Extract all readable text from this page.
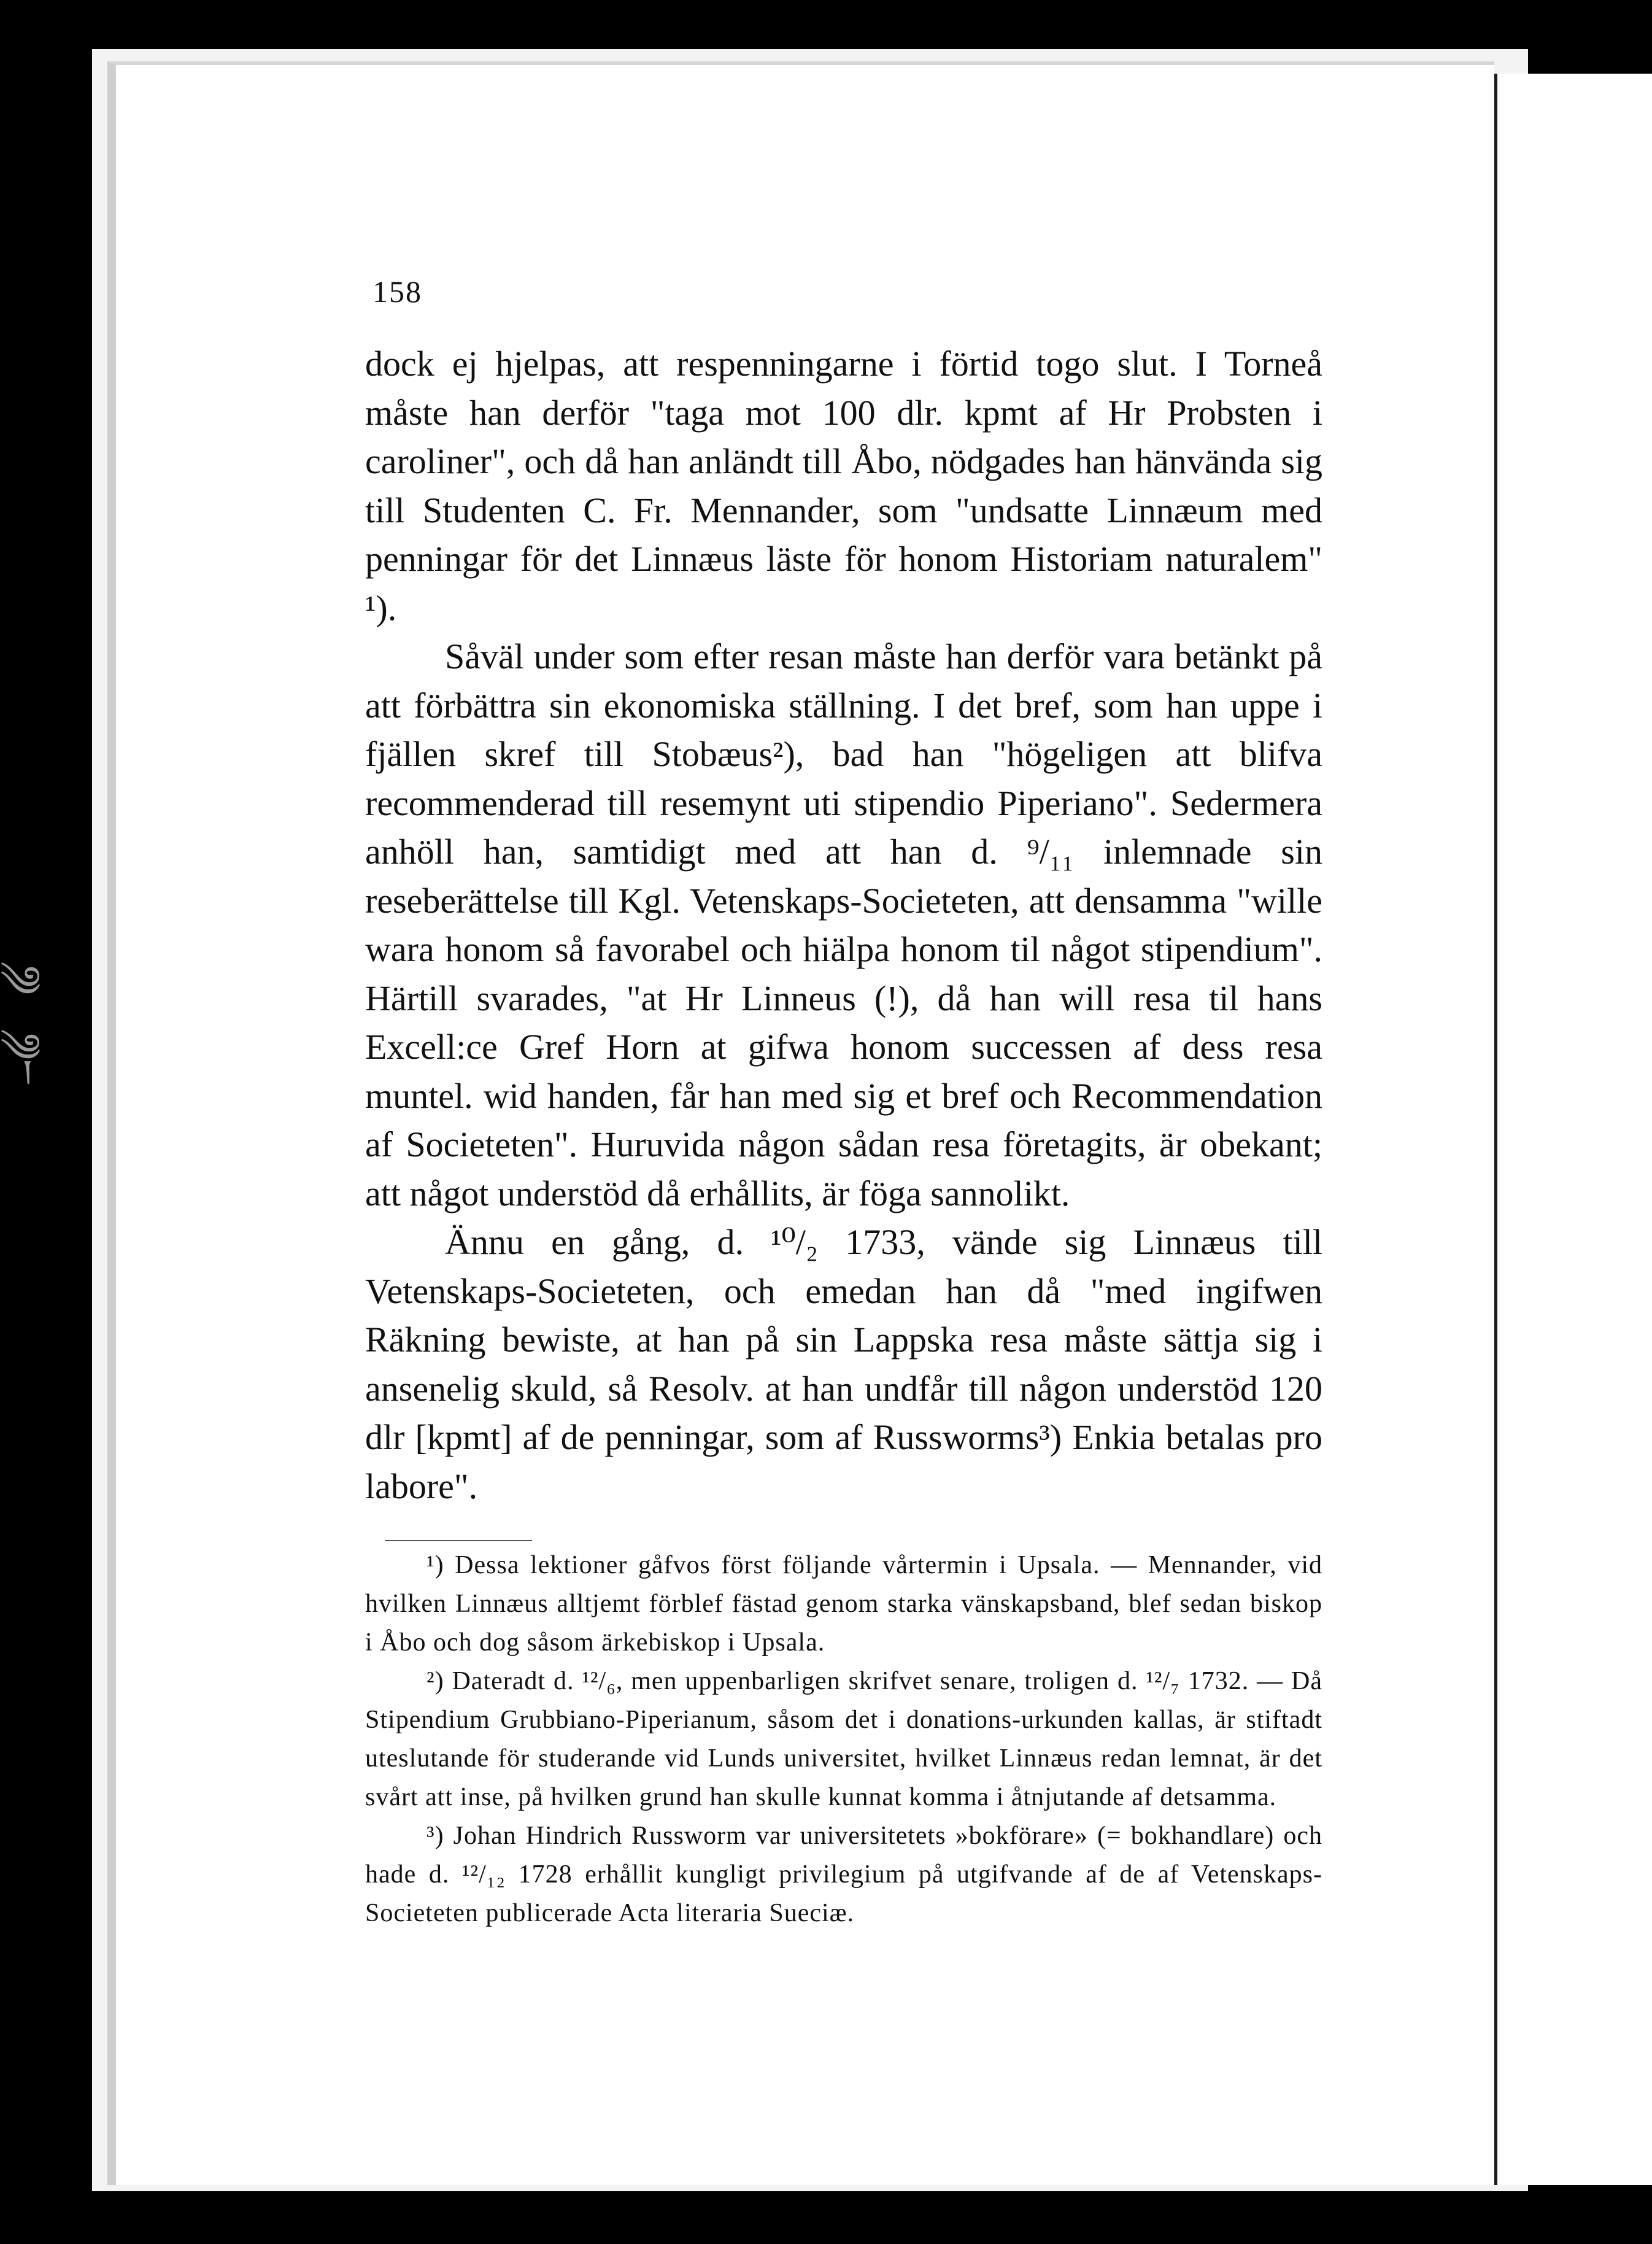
༄ ༆
158

dock ej hjelpas, att respenningarne i förtid togo slut. I Torneå måste han derför "taga mot 100 dlr. kpmt af Hr Probsten i caroliner", och då han anländt till Åbo, nödgades han hänvända sig till Studenten C. Fr. Mennander, som "undsatte Linnæum med penningar för det Linnæus läste för honom Historiam naturalem" ¹).

Såväl under som efter resan måste han derför vara betänkt på att förbättra sin ekonomiska ställning. I det bref, som han uppe i fjällen skref till Stobæus²), bad han "högeligen att blifva recommenderad till resemynt uti stipendio Piperiano". Sedermera anhöll han, samtidigt med att han d. ⁹/₁₁ inlemnade sin reseberättelse till Kgl. Vetenskaps-Societeten, att densamma "wille wara honom så favorabel och hiälpa honom til något stipendium". Härtill svarades, "at Hr Linneus (!), då han will resa til hans Excell:ce Gref Horn at gifwa honom successen af dess resa muntel. wid handen, får han med sig et bref och Recommendation af Societeten". Huruvida någon sådan resa företagits, är obekant; att något understöd då erhållits, är föga sannolikt.

Ännu en gång, d. ¹⁰/₂ 1733, vände sig Linnæus till Vetenskaps-Societeten, och emedan han då "med ingifwen Räkning bewiste, at han på sin Lappska resa måste sättja sig i ansenelig skuld, så Resolv. at han undfår till någon understöd 120 dlr [kpmt] af de penningar, som af Russworms³) Enkia betalas pro labore".

¹) Dessa lektioner gåfvos först följande vårtermin i Upsala. — Mennander, vid hvilken Linnæus alltjemt förblef fästad genom starka vänskapsband, blef sedan biskop i Åbo och dog såsom ärkebiskop i Upsala.

²) Dateradt d. ¹²/₆, men uppenbarligen skrifvet senare, troligen d. ¹²/₇ 1732. — Då Stipendium Grubbiano-Piperianum, såsom det i donations-urkunden kallas, är stiftadt uteslutande för studerande vid Lunds universitet, hvilket Linnæus redan lemnat, är det svårt att inse, på hvilken grund han skulle kunnat komma i åtnjutande af detsamma.

³) Johan Hindrich Russworm var universitetets »bokförare» (= bokhandlare) och hade d. ¹²/₁₂ 1728 erhållit kungligt privilegium på utgifvande af de af Vetenskaps-Societeten publicerade Acta literaria Sueciæ.
